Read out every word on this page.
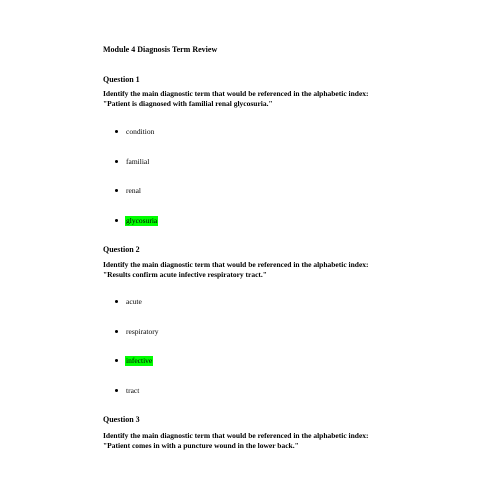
Module 4 Diagnosis Term Review
Question 1
Identify the main diagnostic term that would be referenced in the alphabetic index:
"Patient is diagnosed with familial renal glycosuria."
condition
familial
renal
glycosuria
Question 2
Identify the main diagnostic term that would be referenced in the alphabetic index:
"Results confirm acute infective respiratory tract."
acute
respiratory
infective
tract
Question 3
Identify the main diagnostic term that would be referenced in the alphabetic index:
"Patient comes in with a puncture wound in the lower back."
